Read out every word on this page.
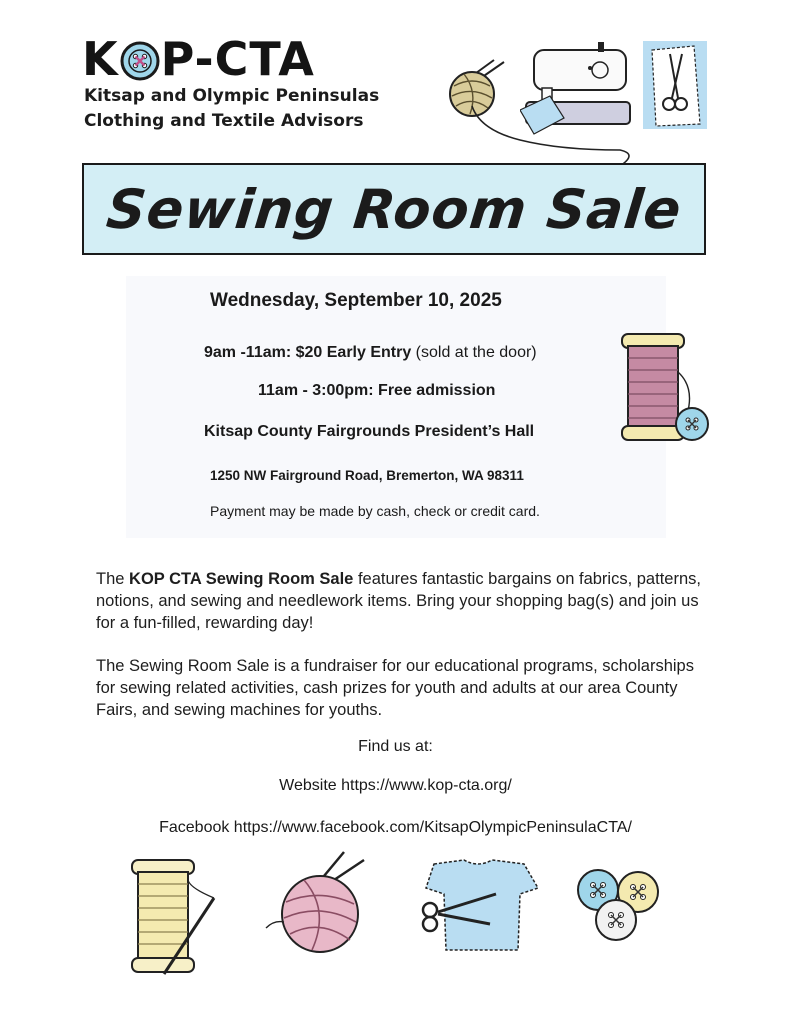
K P-CTA
Kitsap and Olympic Peninsulas
Clothing and Textile Advisors
Sewing Room Sale
Wednesday, September 10, 2025
9am -11am: $20 Early Entry (sold at the door)
11am - 3:00pm: Free admission
Kitsap County Fairgrounds President’s Hall
1250 NW Fairground Road, Bremerton, WA 98311
Payment may be made by cash, check or credit card.
The KOP CTA Sewing Room Sale features fantastic bargains on fabrics, patterns, notions, and sewing and needlework items. Bring your shopping bag(s) and join us for a fun-filled, rewarding day!
The Sewing Room Sale is a fundraiser for our educational programs, scholarships for sewing related activities, cash prizes for youth and adults at our area County Fairs, and sewing machines for youths.
Find us at:
Website https://www.kop-cta.org/
Facebook https://www.facebook.com/KitsapOlympicPeninsulaCTA/
